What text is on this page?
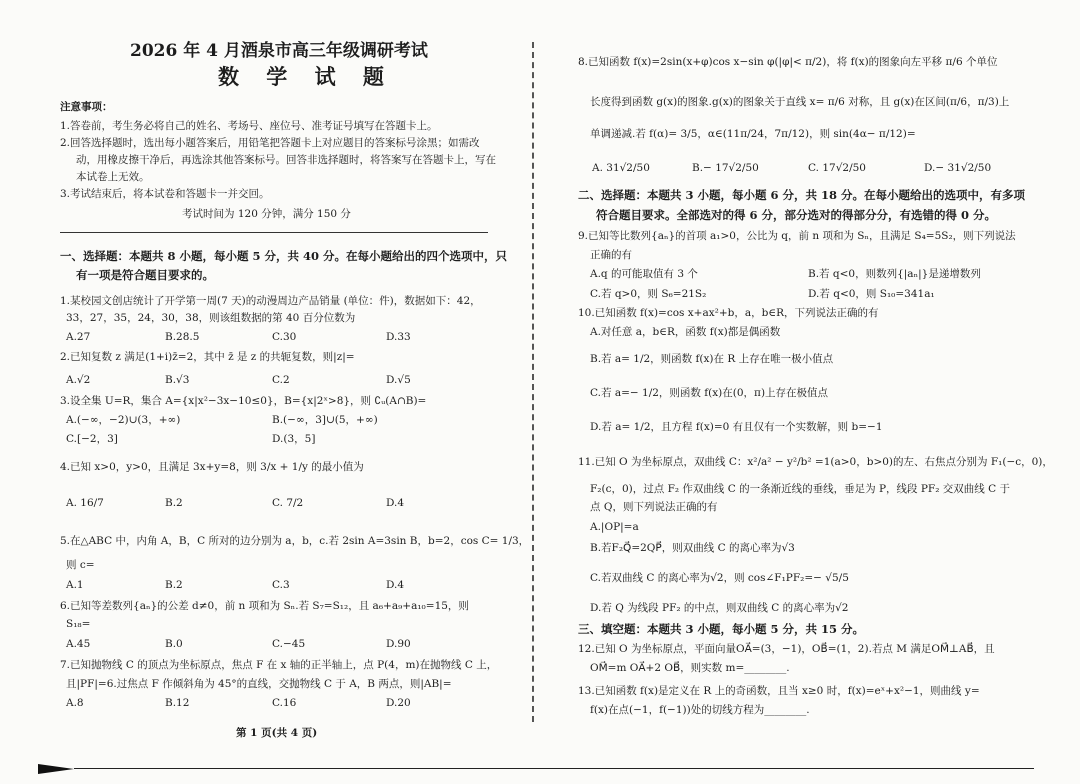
2026 年 4 月酒泉市高三年级调研考试
数 学 试 题
注意事项：
1.答卷前，考生务必将自己的姓名、考场号、座位号、准考证号填写在答题卡上。
2.回答选择题时，选出每小题答案后，用铅笔把答题卡上对应题目的答案标号涂黑；如需改
动，用橡皮擦干净后，再选涂其他答案标号。回答非选择题时，将答案写在答题卡上，写在
本试卷上无效。
3.考试结束后，将本试卷和答题卡一并交回。
考试时间为 120 分钟，满分 150 分
一、选择题：本题共 8 小题，每小题 5 分，共 40 分。在每小题给出的四个选项中，只
有一项是符合题目要求的。
1.某校园文创店统计了开学第一周(7 天)的动漫周边产品销量 (单位：件)，数据如下：42，
33，27，35，24，30，38，则该组数据的第 40 百分位数为
A.27	B.28.5	C.30	D.33
2.已知复数 z 满足(1+i)z̄=2，其中 z̄ 是 z 的共轭复数，则|z|=
A.√2	B.√3	C.2	D.√5
3.设全集 U=R，集合 A={x|x²−3x−10≤0}，B={x|2ˣ>8}，则 ∁ᵤ(A∩B)=
A.(−∞，−2)∪(3，+∞)	B.(−∞，3]∪(5，+∞)
C.[−2，3]	D.(3，5]
4.已知 x>0，y>0，且满足 3x+y=8，则 3/x + 1/y 的最小值为
A. 16/7	B.2	C. 7/2	D.4
5.在△ABC 中，内角 A，B，C 所对的边分别为 a，b，c.若 2sin A=3sin B，b=2，cos C= 1/3，
则 c=
A.1	B.2	C.3	D.4
6.已知等差数列{aₙ}的公差 d≠0，前 n 项和为 Sₙ.若 S₇=S₁₂，且 a₆+a₉+a₁₀=15，则
S₁₈=
A.45	B.0	C.−45	D.90
7.已知抛物线 C 的顶点为坐标原点，焦点 F 在 x 轴的正半轴上，点 P(4，m)在抛物线 C 上，
且|PF|=6.过焦点 F 作倾斜角为 45°的直线，交抛物线 C 于 A，B 两点，则|AB|=
A.8	B.12	C.16	D.20
第 1 页(共 4 页)
8.已知函数 f(x)=2sin(x+φ)cos x−sin φ(|φ|< π/2)，将 f(x)的图象向左平移 π/6 个单位
长度得到函数 g(x)的图象.g(x)的图象关于直线 x= π/6 对称，且 g(x)在区间(π/6，π/3)上
单调递减.若 f(α)= 3/5，α∈(11π/24，7π/12)，则 sin(4α− π/12)=
A. 31√2/50	B.− 17√2/50	C. 17√2/50	D.− 31√2/50
二、选择题：本题共 3 小题，每小题 6 分，共 18 分。在每小题给出的选项中，有多项
符合题目要求。全部选对的得 6 分，部分选对的得部分分，有选错的得 0 分。
9.已知等比数列{aₙ}的首项 a₁>0，公比为 q，前 n 项和为 Sₙ，且满足 S₄=5S₂，则下列说法
正确的有
A.q 的可能取值有 3 个	B.若 q<0，则数列{|aₙ|}是递增数列
C.若 q>0，则 S₆=21S₂	D.若 q<0，则 S₁₀=341a₁
10.已知函数 f(x)=cos x+ax²+b，a，b∈R，下列说法正确的有
A.对任意 a，b∈R，函数 f(x)都是偶函数
B.若 a= 1/2，则函数 f(x)在 R 上存在唯一极小值点
C.若 a=− 1/2，则函数 f(x)在(0，π)上存在极值点
D.若 a= 1/2，且方程 f(x)=0 有且仅有一个实数解，则 b=−1
11.已知 O 为坐标原点，双曲线 C：x²/a² − y²/b² =1(a>0，b>0)的左、右焦点分别为 F₁(−c，0)，
F₂(c，0)，过点 F₂ 作双曲线 C 的一条渐近线的垂线，垂足为 P，线段 PF₂ 交双曲线 C 于
点 Q，则下列说法正确的有
A.|OP|=a
B.若F₂Q⃗=2QP⃗，则双曲线 C 的离心率为√3
C.若双曲线 C 的离心率为√2，则 cos∠F₁PF₂=− √5/5
D.若 Q 为线段 PF₂ 的中点，则双曲线 C 的离心率为√2
三、填空题：本题共 3 小题，每小题 5 分，共 15 分。
12.已知 O 为坐标原点，平面向量OA⃗=(3，−1)，OB⃗=(1，2).若点 M 满足OM⃗⊥AB⃗，且
OM⃗=m OA⃗+2 OB⃗，则实数 m=________.
13.已知函数 f(x)是定义在 R 上的奇函数，且当 x≥0 时，f(x)=eˣ+x²−1，则曲线 y=
f(x)在点(−1，f(−1))处的切线方程为________.
